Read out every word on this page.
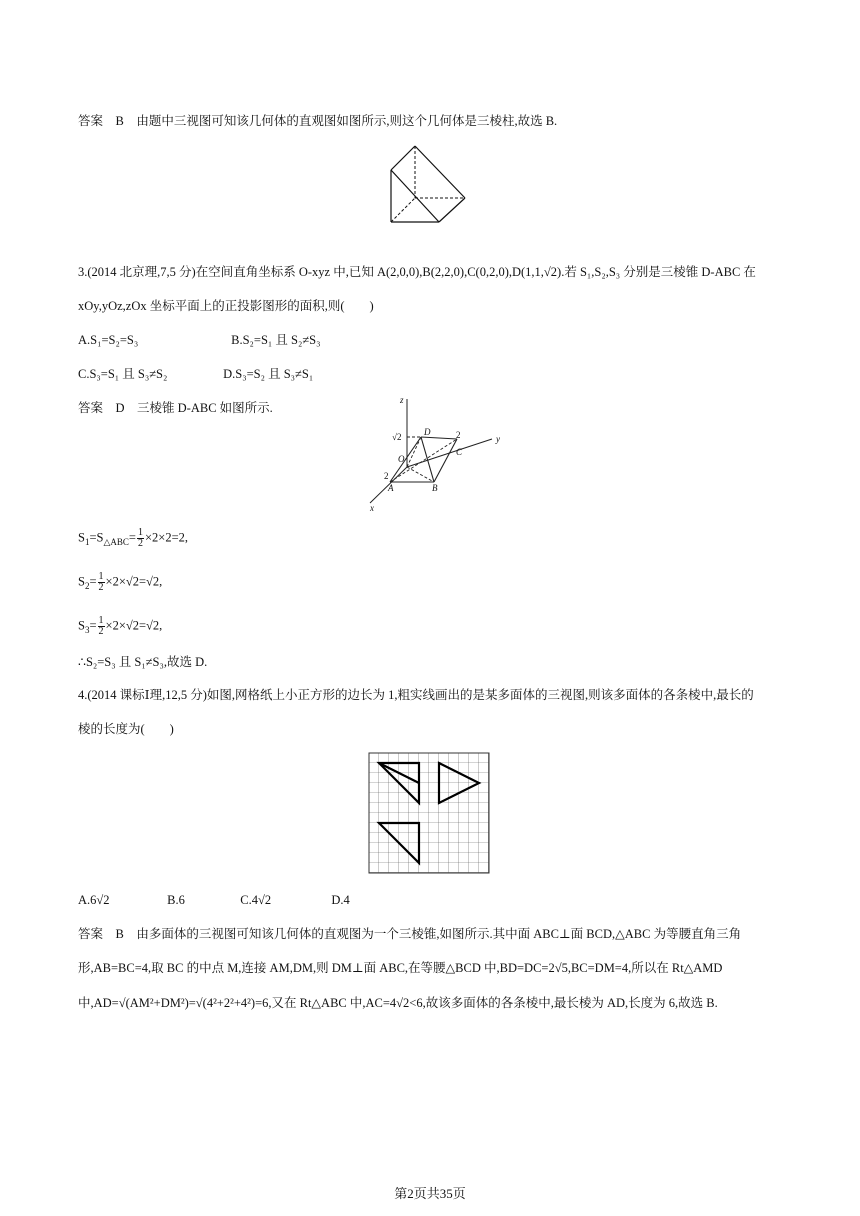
答案　B　由题中三视图可知该几何体的直观图如图所示,则这个几何体是三棱柱,故选 B.
3.(2014 北京理,7,5 分)在空间直角坐标系 O-xyz 中,已知 A(2,0,0),B(2,2,0),C(0,2,0),D(1,1,√2).若 S₁,S₂,S₃ 分别是三棱锥 D-ABC 在
xOy,yOz,zOx 坐标平面上的正投影图形的面积,则(　　)
A.S₁=S₂=S₃	B.S₂=S₁ 且 S₂≠S₃
C.S₃=S₁ 且 S₃≠S₂	D.S₃=S₂ 且 S₃≠S₁
答案　D　三棱锥 D-ABC 如图所示.
z
y
x
√2	D
O
C
A	B
2
2
$S_1=S_{\triangle ABC}= \frac{1}{2} \times 2\times 2=2$,
$S_2= \frac{1}{2} \times 2\times√2=√2$,
$S_3= \frac{1}{2} \times 2\times√2=√2$,
∴S₂=S₃ 且 S₁≠S₃,故选 D.
4.(2014 课标Ⅰ理,12,5 分)如图,网格纸上小正方形的边长为 1,粗实线画出的是某多面体的三视图,则该多面体的各条棱中,最长的
棱的长度为(　　)
A.6√2	B.6	C.4√2	D.4
答案　B　由多面体的三视图可知该几何体的直观图为一个三棱锥,如图所示.其中面 ABC⊥面 BCD,△ABC 为等腰直角三角
形,AB=BC=4,取 BC 的中点 M,连接 AM,DM,则 DM⊥面 ABC,在等腰△BCD 中,BD=DC=2√5,BC=DM=4,所以在 Rt△AMD
中,AD=√(AM²+DM²)=√(4²+2²+4²)=6,又在 Rt△ABC 中,AC=4√2<6,故该多面体的各条棱中,最长棱为 AD,长度为 6,故选 B.
第2页共35页
